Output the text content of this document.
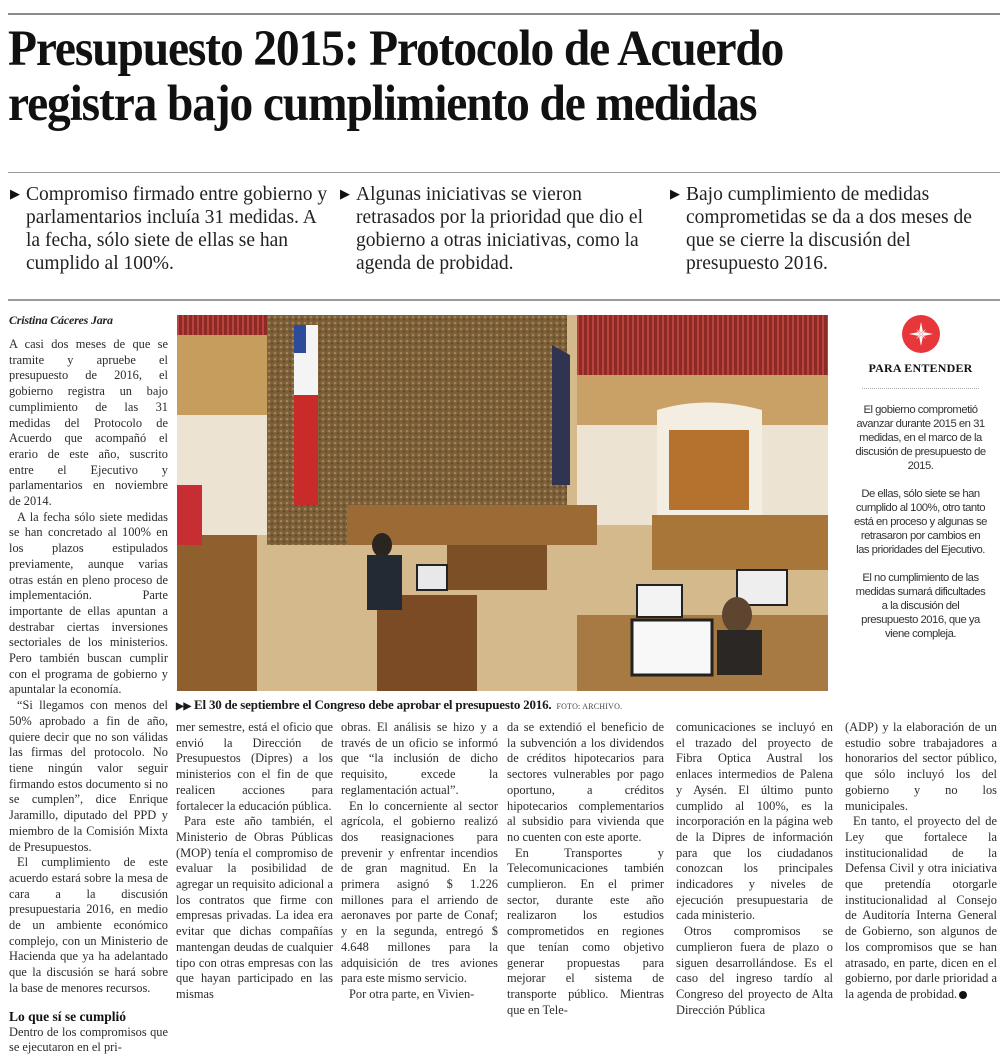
Presupuesto 2015: Protocolo de Acuerdo
registra bajo cumplimiento de medidas
▶ Compromiso firmado entre gobierno y parlamentarios incluía 31 medidas. A la fecha, sólo siete de ellas se han cumplido al 100%.
▶ Algunas iniciativas se vieron retrasados por la prioridad que dio el gobierno a otras iniciativas, como la agenda de probidad.
▶ Bajo cumplimiento de medidas comprometidas se da a dos meses de que se cierre la discusión del presupuesto 2016.
Cristina Cáceres Jara

A casi dos meses de que se tramite y apruebe el presupuesto de 2016, el gobierno registra un bajo cumplimiento de las 31 medidas del Protocolo de Acuerdo que acompañó el erario de este año, suscrito entre el Ejecutivo y parlamentarios en noviembre de 2014.

A la fecha sólo siete medidas se han concretado al 100% en los plazos estipulados previamente, aunque varias otras están en pleno proceso de implementación. Parte importante de ellas apuntan a destrabar ciertas inversiones sectoriales de los ministerios. Pero también buscan cumplir con el programa de gobierno y apuntalar la economía.

“Si llegamos con menos del 50% aprobado a fin de año, quiere decir que no son válidas las firmas del protocolo. No tiene ningún valor seguir firmando estos documento si no se cumplen”, dice Enrique Jaramillo, diputado del PPD y miembro de la Comisión Mixta de Presupuestos.

El cumplimiento de este acuerdo estará sobre la mesa de cara a la discusión presupuestaria 2016, en medio de un ambiente económico complejo, con un Ministerio de Hacienda que ya ha adelantado que la discusión se hará sobre la base de menores recursos.

Lo que sí se cumplió

Dentro de los compromisos que se ejecutaron en el pri-

▶▶ El 30 de septiembre el Congreso debe aprobar el presupuesto 2016. FOTO: ARCHIVO.

mer semestre, está el oficio que envió la Dirección de Presupuestos (Dipres) a los ministerios con el fin de que realicen acciones para fortalecer la educación pública.

Para este año también, el Ministerio de Obras Públicas (MOP) tenía el compromiso de evaluar la posibilidad de agregar un requisito adicional a los contratos que firme con empresas privadas. La idea era evitar que dichas compañías mantengan deudas de cualquier tipo con otras empresas con las que hayan participado en las mismas

obras. El análisis se hizo y a través de un oficio se informó que “la inclusión de dicho requisito, excede la reglamentación actual”.

En lo concerniente al sector agrícola, el gobierno realizó dos reasignaciones para prevenir y enfrentar incendios de gran magnitud. En la primera asignó $ 1.226 millones para el arriendo de aeronaves por parte de Conaf; y en la segunda, entregó $ 4.648 millones para la adquisición de tres aviones para este mismo servicio.

Por otra parte, en Vivien-

da se extendió el beneficio de la subvención a los dividendos de créditos hipotecarios para sectores vulnerables por pago oportuno, a créditos hipotecarios complementarios al subsidio para vivienda que no cuenten con este aporte.

En Transportes y Telecomunicaciones también cumplieron. En el primer sector, durante este año realizaron los estudios comprometidos en regiones que tenían como objetivo generar propuestas para mejorar el sistema de transporte público. Mientras que en Tele-

comunicaciones se incluyó en el trazado del proyecto de Fibra Optica Austral los enlaces intermedios de Palena y Aysén. El último punto cumplido al 100%, es la incorporación en la página web de la Dipres de información para que los ciudadanos conozcan los principales indicadores y niveles de ejecución presupuestaria de cada ministerio.

Otros compromisos se cumplieron fuera de plazo o siguen desarrollándose. Es el caso del ingreso tardío al Congreso del proyecto de Alta Dirección Pública

(ADP) y la elaboración de un estudio sobre trabajadores a honorarios del sector público, que sólo incluyó los del gobierno y no los municipales.

En tanto, el proyecto del de Ley que fortalece la institucionalidad de la Defensa Civil y otra iniciativa que pretendía otorgarle institucionalidad al Consejo de Auditoría Interna General de Gobierno, son algunos de los compromisos que se han atrasado, en parte, dicen en el gobierno, por darle prioridad a la agenda de probidad.

PARA ENTENDER

El gobierno comprometió avanzar durante 2015 en 31 medidas, en el marco de la discusión de presupuesto de 2015.

De ellas, sólo siete se han cumplido al 100%, otro tanto está en proceso y algunas se retrasaron por cambios en las prioridades del Ejecutivo.

El no cumplimiento de las medidas sumará dificultades a la discusión del presupuesto 2016, que ya viene compleja.
